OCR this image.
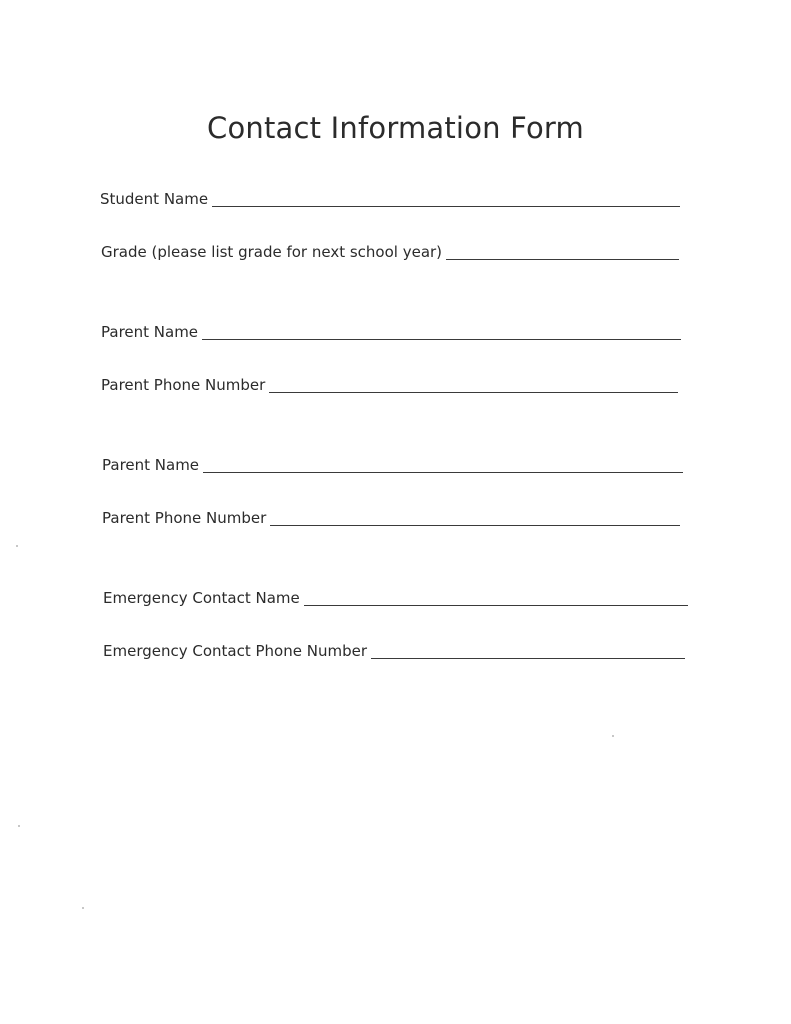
Contact Information Form
Student Name
Grade (please list grade for next school year)
Parent Name
Parent Phone Number
Parent Name
Parent Phone Number
Emergency Contact Name
Emergency Contact Phone Number
